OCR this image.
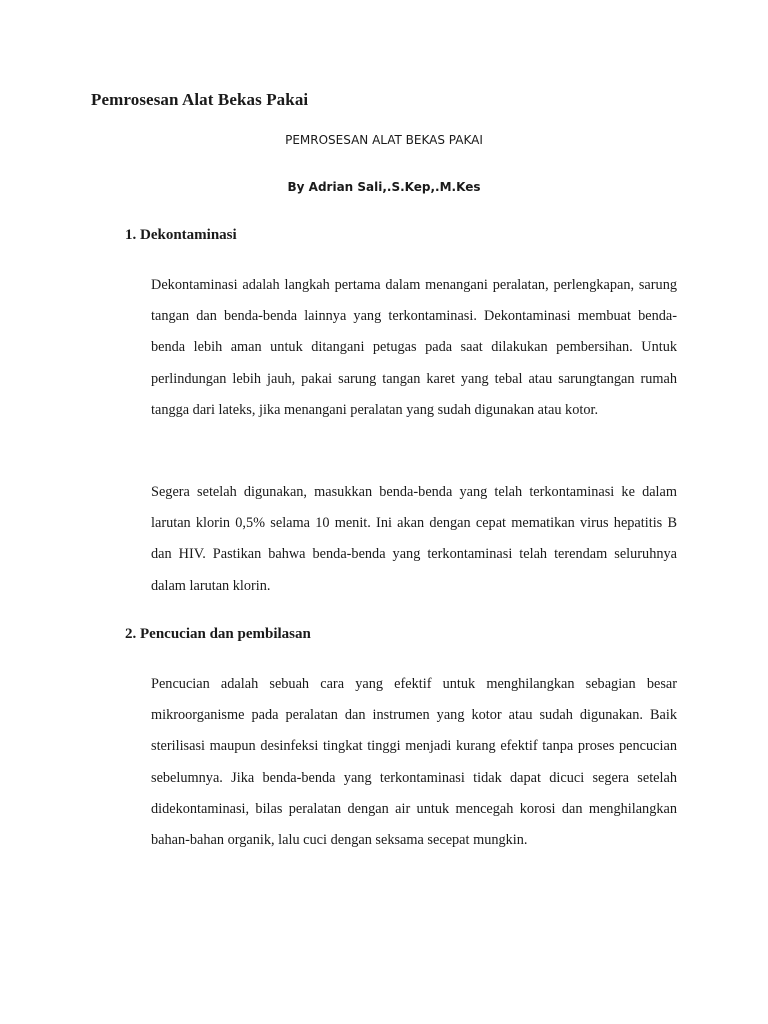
Pemrosesan Alat Bekas Pakai

PEMROSESAN ALAT BEKAS PAKAI

By Adrian Sali,.S.Kep,.M.Kes

1. Dekontaminasi

Dekontaminasi adalah langkah pertama dalam menangani peralatan, perlengkapan, sarung tangan dan benda-benda lainnya yang terkontaminasi. Dekontaminasi membuat benda-benda lebih aman untuk ditangani petugas pada saat dilakukan pembersihan. Untuk perlindungan lebih jauh, pakai sarung tangan karet yang tebal atau sarungtangan rumah tangga dari lateks, jika menangani peralatan yang sudah digunakan atau kotor.

Segera setelah digunakan, masukkan benda-benda yang telah terkontaminasi ke dalam larutan klorin 0,5% selama 10 menit. Ini akan dengan cepat mematikan virus hepatitis B dan HIV. Pastikan bahwa benda-benda yang terkontaminasi telah terendam seluruhnya dalam larutan klorin.

2. Pencucian dan pembilasan

Pencucian adalah sebuah cara yang efektif untuk menghilangkan sebagian besar mikroorganisme pada peralatan dan instrumen yang kotor atau sudah digunakan. Baik sterilisasi maupun desinfeksi tingkat tinggi menjadi kurang efektif tanpa proses pencucian sebelumnya. Jika benda-benda yang terkontaminasi tidak dapat dicuci segera setelah didekontaminasi, bilas peralatan dengan air untuk mencegah korosi dan menghilangkan bahan-bahan organik, lalu cuci dengan seksama secepat mungkin.
